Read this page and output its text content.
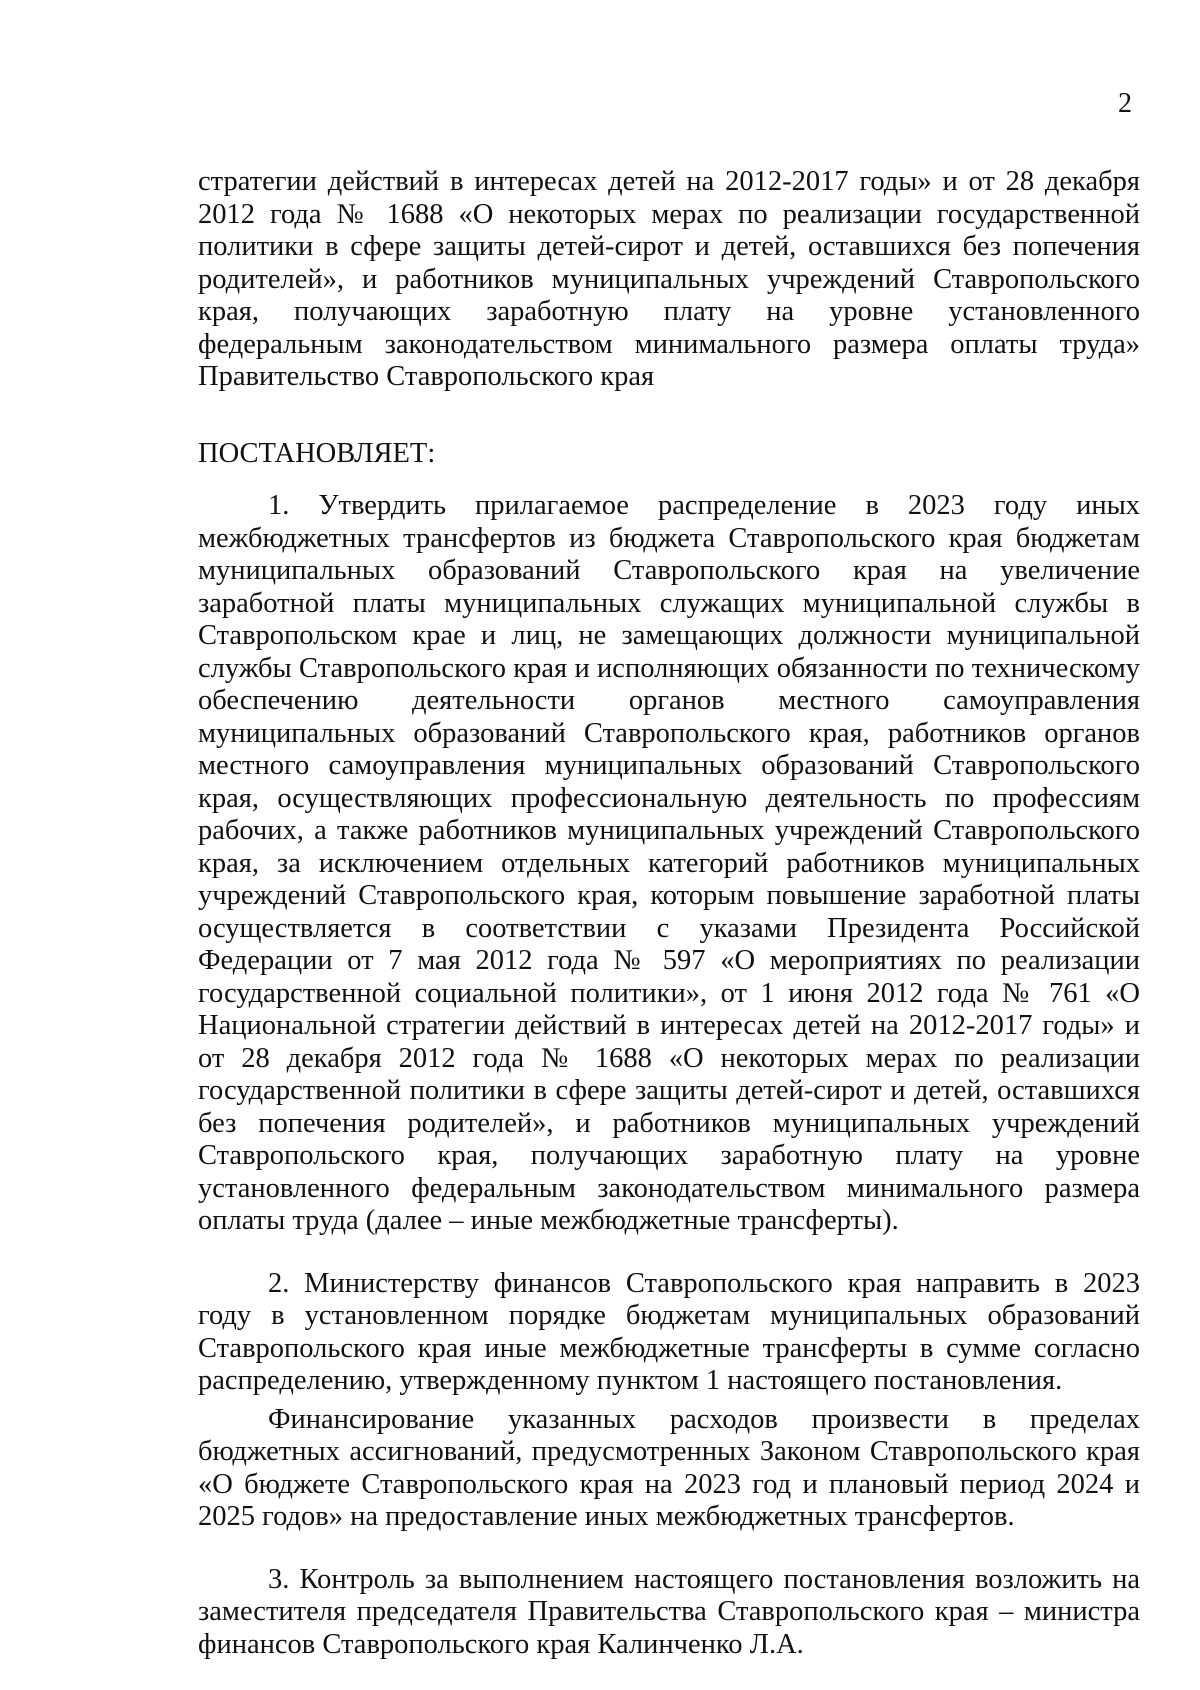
2

стратегии действий в интересах детей на 2012-2017 годы» и от 28 декабря 2012 года № 1688 «О некоторых мерах по реализации государственной политики в сфере защиты детей-сирот и детей, оставшихся без попечения родителей», и работников муниципальных учреждений Ставропольского края, получающих заработную плату на уровне установленного федеральным законодательством минимального размера оплаты труда» Правительство Ставропольского края

ПОСТАНОВЛЯЕТ:

1. Утвердить прилагаемое распределение в 2023 году иных межбюджетных трансфертов из бюджета Ставропольского края бюджетам муниципальных образований Ставропольского края на увеличение заработной платы муниципальных служащих муниципальной службы в Ставропольском крае и лиц, не замещающих должности муниципальной службы Ставропольского края и исполняющих обязанности по техническому обеспечению деятельности органов местного самоуправления муниципальных образований Ставропольского края, работников органов местного самоуправления муниципальных образований Ставропольского края, осуществляющих профессиональную деятельность по профессиям рабочих, а также работников муниципальных учреждений Ставропольского края, за исключением отдельных категорий работников муниципальных учреждений Ставропольского края, которым повышение заработной платы осуществляется в соответствии с указами Президента Российской Федерации от 7 мая 2012 года № 597 «О мероприятиях по реализации государственной социальной политики», от 1 июня 2012 года № 761 «О Национальной стратегии действий в интересах детей на 2012-2017 годы» и от 28 декабря 2012 года № 1688 «О некоторых мерах по реализации государственной политики в сфере защиты детей-сирот и детей, оставшихся без попечения родителей», и работников муниципальных учреждений Ставропольского края, получающих заработную плату на уровне установленного федеральным законодательством минимального размера оплаты труда (далее – иные межбюджетные трансферты).

2. Министерству финансов Ставропольского края направить в 2023 году в установленном порядке бюджетам муниципальных образований Ставропольского края иные межбюджетные трансферты в сумме согласно распределению, утвержденному пунктом 1 настоящего постановления.

Финансирование указанных расходов произвести в пределах бюджетных ассигнований, предусмотренных Законом Ставропольского края «О бюджете Ставропольского края на 2023 год и плановый период 2024 и 2025 годов» на предоставление иных межбюджетных трансфертов.

3. Контроль за выполнением настоящего постановления возложить на заместителя председателя Правительства Ставропольского края – министра финансов Ставропольского края Калинченко Л.А.
